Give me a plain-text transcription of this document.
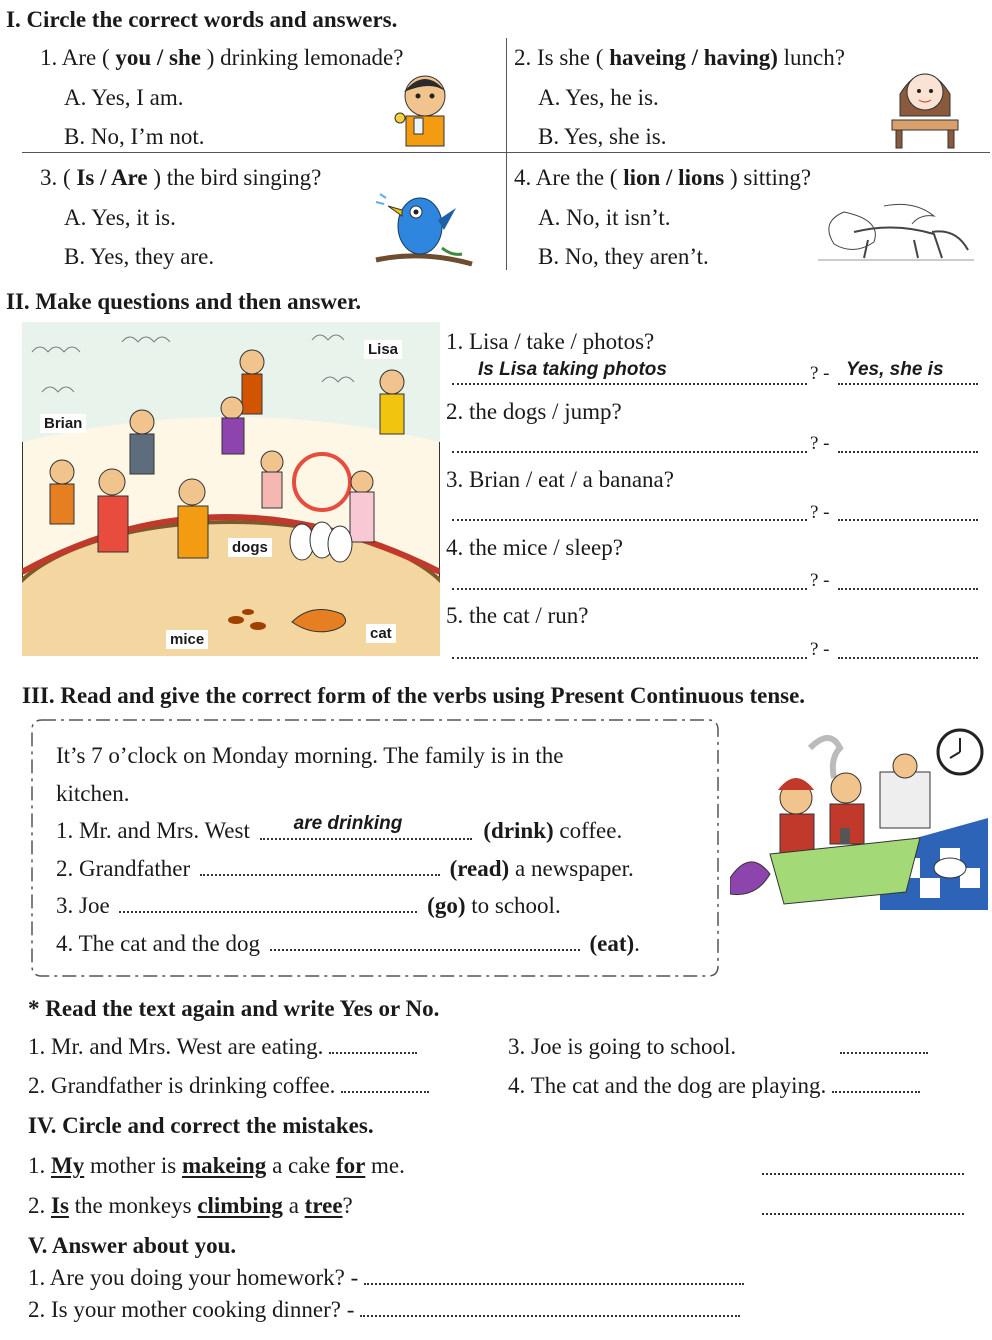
I. Circle the correct words and answers.
1. Are ( you / she ) drinking lemonade?
A. Yes, I am.
B. No, I’m not.
2. Is she ( haveing / having) lunch?
A. Yes, he is.
B. Yes, she is.
3. ( Is / Are ) the bird singing?
A. Yes, it is.
B. Yes, they are.
4. Are the ( lion / lions ) sitting?
A. No, it isn’t.
B. No, they aren’t.
II. Make questions and then answer.
Lisa
Brian
dogs
mice	cat
1. Lisa / take / photos?
Is Lisa taking photos	? - Yes, she is
2. the dogs / jump?
? -
3. Brian / eat / a banana?
? -
4. the mice / sleep?
? -
5. the cat / run?
? -
III. Read and give the correct form of the verbs using Present Continuous tense.
It’s 7 o’clock on Monday morning. The family is in the
kitchen.
1. Mr. and Mrs. West are drinking	(drink) coffee.
2. Grandfather	(read) a newspaper.
3. Joe	(go) to school.
4. The cat and the dog	(eat).
* Read the text again and write Yes or No.
1. Mr. and Mrs. West are eating.	3. Joe is going to school.
2. Grandfather is drinking coffee.	4. The cat and the dog are playing.
IV. Circle and correct the mistakes.
1. My mother is makeing a cake for me.
2. Is the monkeys climbing a tree?
V. Answer about you.
1. Are you doing your homework? -
2. Is your mother cooking dinner? -
